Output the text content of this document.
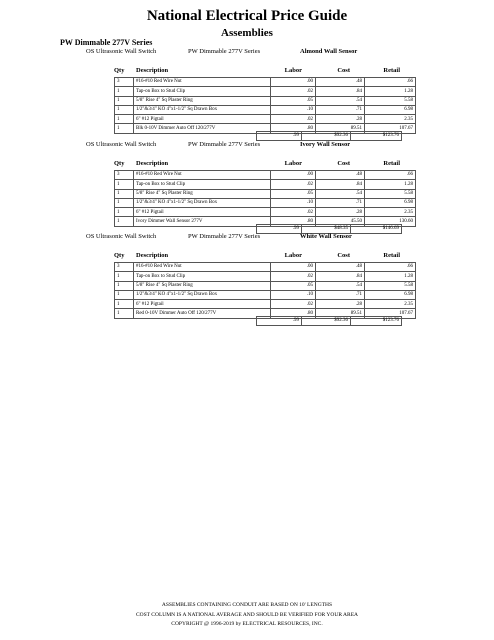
National Electrical Price Guide
Assemblies
PW Dimmable 277V Series
OS Ultrasonic Wall Switch	PW Dimmable 277V Series	Almond Wall Sensor
Qty Description	Labor	Cost	Retail
3	#16-#10 Red Wire Nut	.00	.48	.66
1	Tap-on Box to Stud Clip	.02	.84	1.28
1	5/8" Rise 4" Sq Plaster Ring	.05	.54	5.58
1	1/2"&3/4" KO 4"x1-1/2" Sq Drawn Box	.10	.71	6.98
1	6" #12 Pigtail	.02	.28	2.35
1	Blk 0-10V Dimmer Auto Off 120/277V	.80	89.51	107.67
.99	$92.36	$123.76
OS Ultrasonic Wall Switch	PW Dimmable 277V Series	Ivory Wall Sensor
Qty Description	Labor	Cost	Retail
3	#16-#10 Red Wire Nut	.00	.48	.66
1	Tap-on Box to Stud Clip	.02	.84	1.28
1	5/8" Rise 4" Sq Plaster Ring	.05	.54	5.58
1	1/2"&3/4" KO 4"x1-1/2" Sq Drawn Box	.10	.71	6.98
1	6" #12 Pigtail	.02	.28	2.35
1	Ivory Dimmer Wall Sensor 277V	.80	45.50	130.60
.99	$48.35	$146.69
OS Ultrasonic Wall Switch	PW Dimmable 277V Series	White Wall Sensor
Qty Description	Labor	Cost	Retail
3	#16-#10 Red Wire Nut	.00	.48	.66
1	Tap-on Box to Stud Clip	.02	.84	1.28
1	5/8" Rise 4" Sq Plaster Ring	.05	.54	5.58
1	1/2"&3/4" KO 4"x1-1/2" Sq Drawn Box	.10	.71	6.98
1	6" #12 Pigtail	.02	.28	2.35
1	Red 0-10V Dimmer Auto Off 120/277V	.80	89.51	107.67
.99	$92.36	$123.76
ASSEMBLIES CONTAINING CONDUIT ARE BASED ON 10' LENGTHS
COST COLUMN IS A NATIONAL AVERAGE AND SHOULD BE VERIFIED FOR YOUR AREA
COPYRIGHT @ 1996-2019 by ELECTRICAL RESOURCES, INC.
